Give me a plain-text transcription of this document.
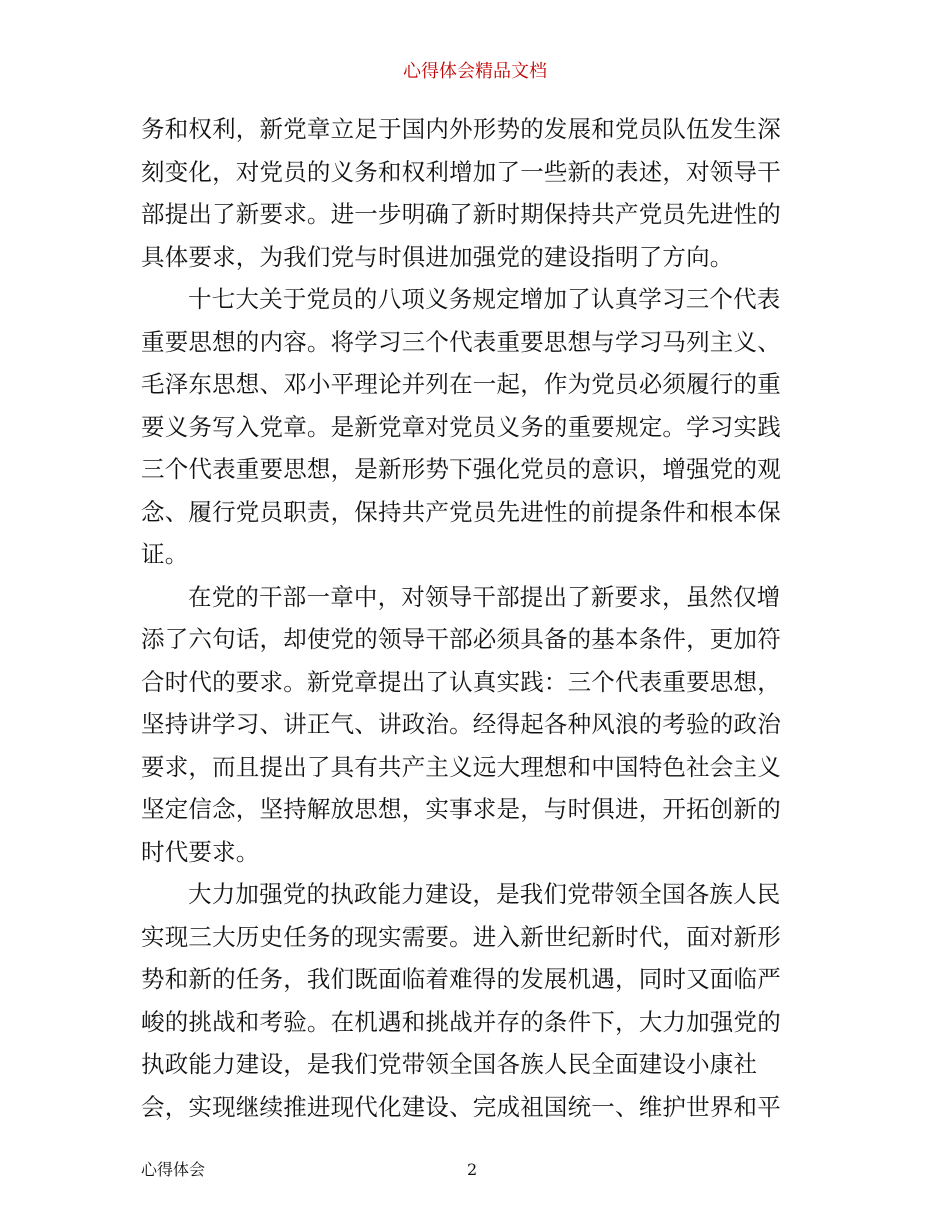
心得体会精品文档
务和权利，新党章立足于国内外形势的发展和党员队伍发生深
刻变化，对党员的义务和权利增加了一些新的表述，对领导干
部提出了新要求。进一步明确了新时期保持共产党员先进性的
具体要求，为我们党与时俱进加强党的建设指明了方向。
十七大关于党员的八项义务规定增加了认真学习三个代表
重要思想的内容。将学习三个代表重要思想与学习马列主义、
毛泽东思想、邓小平理论并列在一起，作为党员必须履行的重
要义务写入党章。是新党章对党员义务的重要规定。学习实践
三个代表重要思想，是新形势下强化党员的意识，增强党的观
念、履行党员职责，保持共产党员先进性的前提条件和根本保
证。
在党的干部一章中，对领导干部提出了新要求，虽然仅增
添了六句话，却使党的领导干部必须具备的基本条件，更加符
合时代的要求。新党章提出了认真实践：三个代表重要思想，
坚持讲学习、讲正气、讲政治。经得起各种风浪的考验的政治
要求，而且提出了具有共产主义远大理想和中国特色社会主义
坚定信念，坚持解放思想，实事求是，与时俱进，开拓创新的
时代要求。
大力加强党的执政能力建设，是我们党带领全国各族人民
实现三大历史任务的现实需要。进入新世纪新时代，面对新形
势和新的任务，我们既面临着难得的发展机遇，同时又面临严
峻的挑战和考验。在机遇和挑战并存的条件下，大力加强党的
执政能力建设，是我们党带领全国各族人民全面建设小康社
会，实现继续推进现代化建设、完成祖国统一、维护世界和平
心得体会	2
